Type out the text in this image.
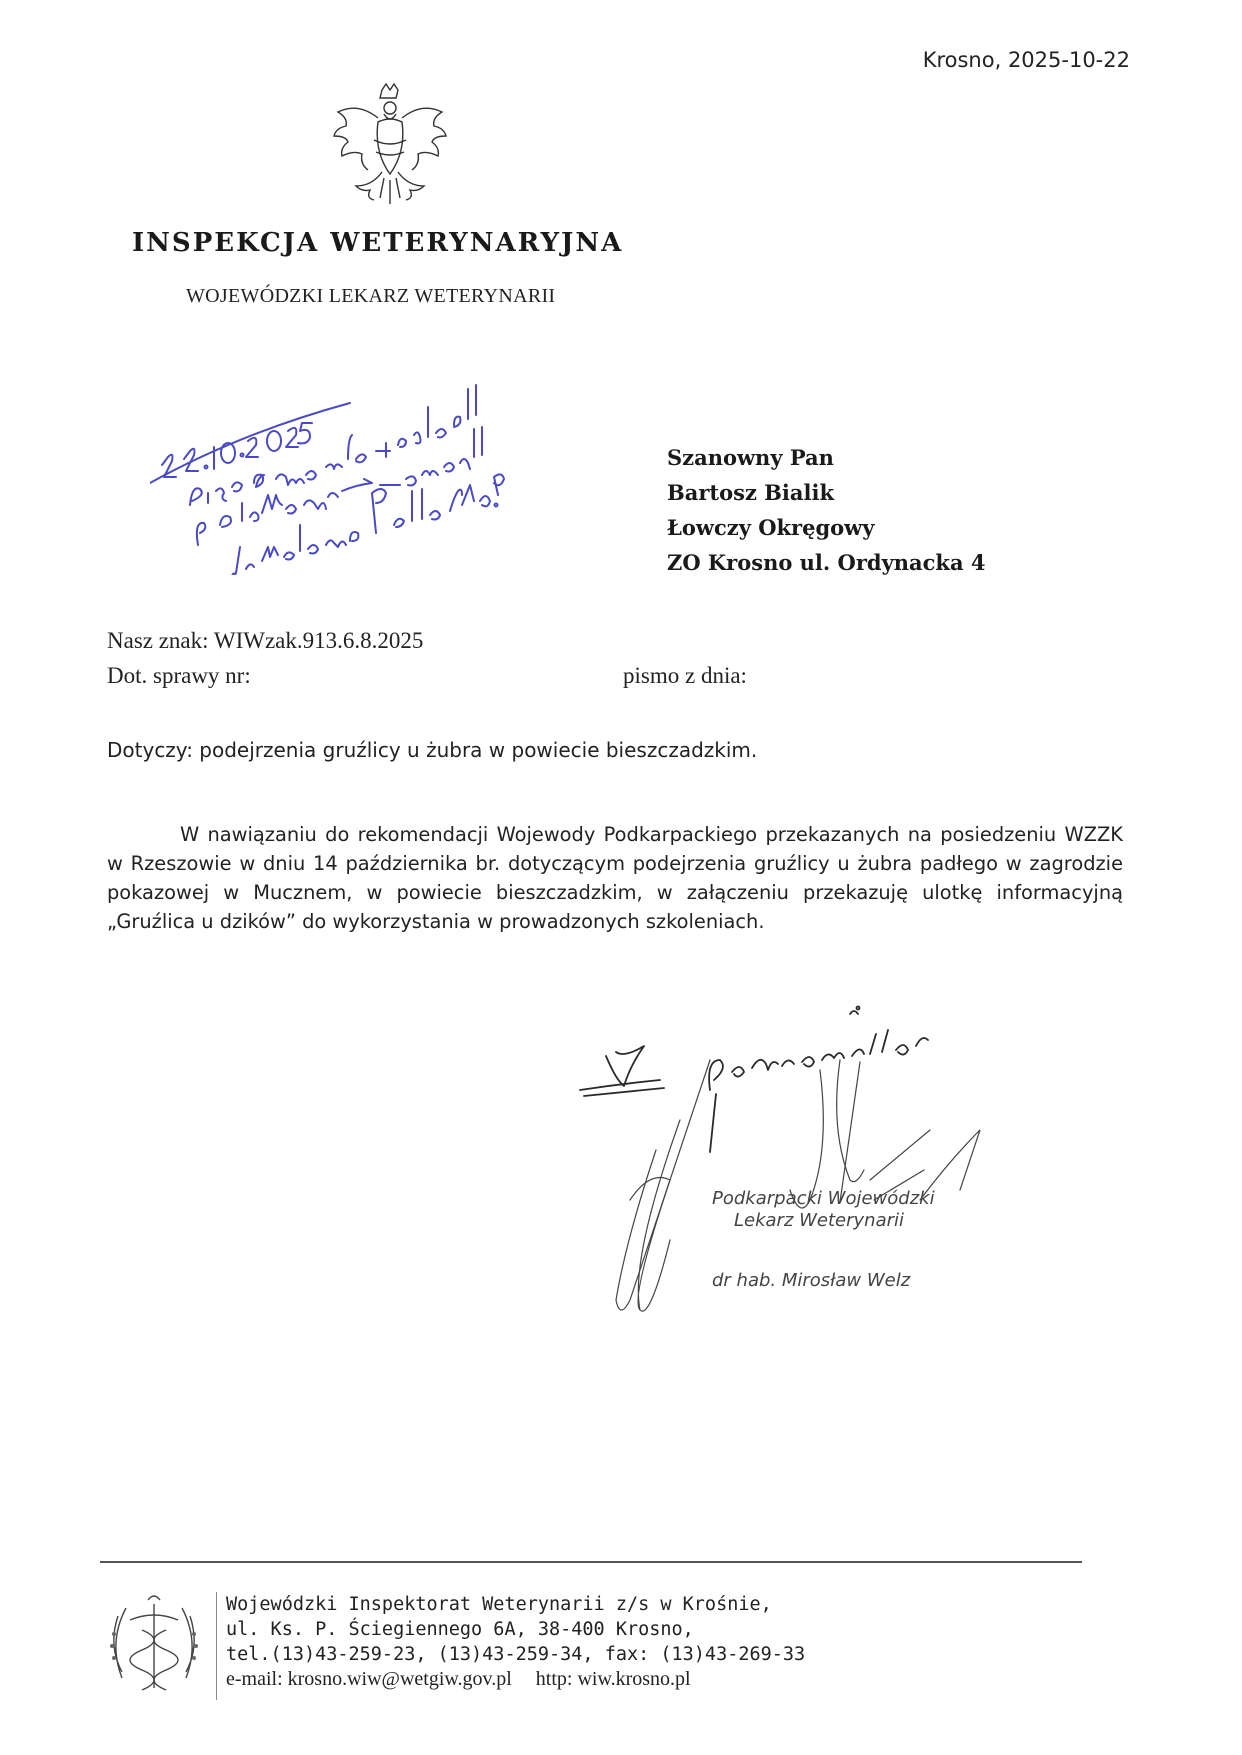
Krosno, 2025-10-22
INSPEKCJA WETERYNARYJNA
WOJEWÓDZKI LEKARZ WETERYNARII
Szanowny Pan
Bartosz Bialik
Łowczy Okręgowy
ZO Krosno ul. Ordynacka 4
Nasz znak: WIWzak.913.6.8.2025
Dot. sprawy nr:	pismo z dnia:
Dotyczy: podejrzenia gruźlicy u żubra w powiecie bieszczadzkim.
W nawiązaniu do rekomendacji Wojewody Podkarpackiego przekazanych na posiedzeniu WZZK w Rzeszowie w dniu 14 października br. dotyczącym podejrzenia gruźlicy u żubra padłego w zagrodzie pokazowej w Mucznem, w powiecie bieszczadzkim, w załączeniu przekazuję ulotkę informacyjną „Gruźlica u dzików” do wykorzystania w prowadzonych szkoleniach.
Podkarpacki Wojewódzki
Lekarz Weterynarii
dr hab. Mirosław Welz
Wojewódzki Inspektorat Weterynarii z/s w Krośnie,
ul. Ks. P. Ściegiennego 6A, 38-400 Krosno,
tel.(13)43-259-23, (13)43-259-34, fax: (13)43-269-33
e-mail: krosno.wiw@wetgiw.gov.pl http: wiw.krosno.pl
